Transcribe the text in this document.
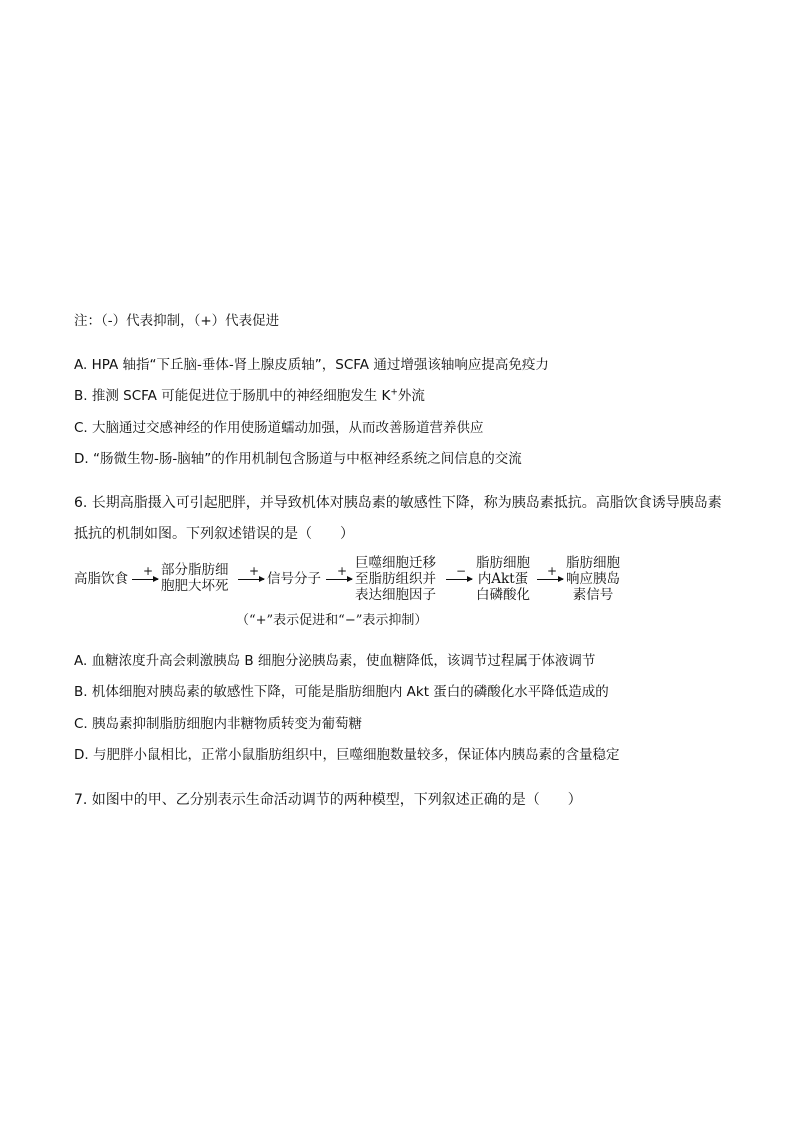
注：（-）代表抑制，（+）代表促进
A. HPA 轴指“下丘脑-垂体-肾上腺皮质轴”，SCFA 通过增强该轴响应提高免疫力
B. 推测 SCFA 可能促进位于肠肌中的神经细胞发生 K+外流
C. 大脑通过交感神经的作用使肠道蠕动加强，从而改善肠道营养供应
D. “肠微生物-肠-脑轴”的作用机制包含肠道与中枢神经系统之间信息的交流
6. 长期高脂摄入可引起肥胖，并导致机体对胰岛素的敏感性下降，称为胰岛素抵抗。高脂饮食诱导胰岛素
抵抗的机制如图。下列叙述错误的是（　　）
高脂饮食 + 部分脂肪细
胞肥大坏死
+ 信号分子 + 巨噬细胞迁移
至脂肪组织并
表达细胞因子
− 脂肪细胞
内Akt蛋
白磷酸化
+ 脂肪细胞
响应胰岛
素信号
（“+”表示促进和“−”表示抑制）
A. 血糖浓度升高会刺激胰岛 B 细胞分泌胰岛素，使血糖降低，该调节过程属于体液调节
B. 机体细胞对胰岛素的敏感性下降，可能是脂肪细胞内 Akt 蛋白的磷酸化水平降低造成的
C. 胰岛素抑制脂肪细胞内非糖物质转变为葡萄糖
D. 与肥胖小鼠相比，正常小鼠脂肪组织中，巨噬细胞数量较多，保证体内胰岛素的含量稳定
7. 如图中的甲、乙分别表示生命活动调节的两种模型，下列叙述正确的是（　　）
